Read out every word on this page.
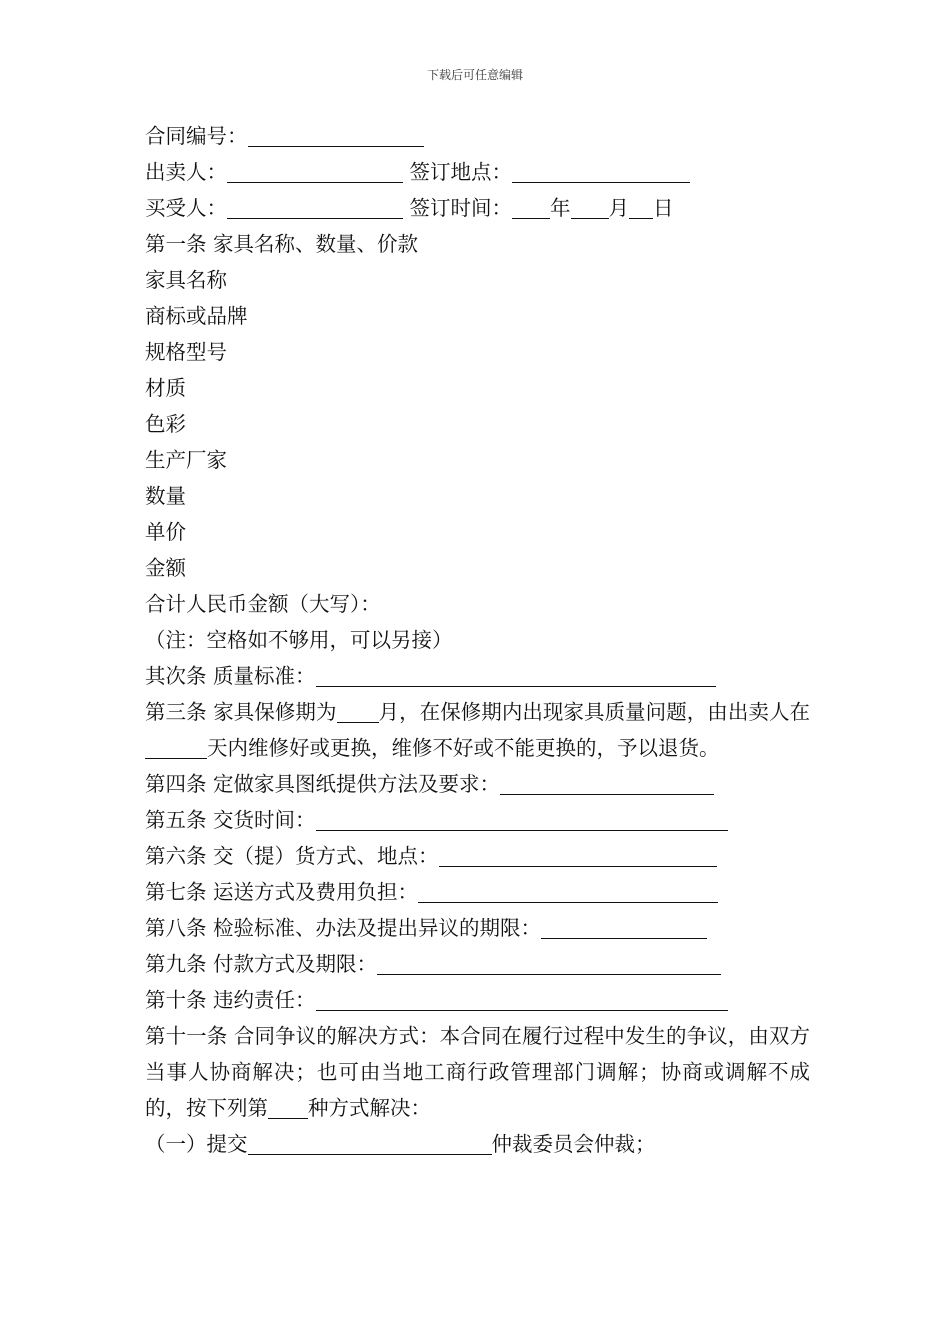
下载后可任意编辑
合同编号：
出卖人：	签订地点：
买受人：	签订时间： 年 月 日
第一条 家具名称、数量、价款
家具名称
商标或品牌
规格型号
材质
色彩
生产厂家
数量
单价
金额
合计人民币金额（大写）：
（注：空格如不够用，可以另接）
其次条 质量标准：
第三条 家具保修期为 月，在保修期内出现家具质量问题，由出卖人在天内维修好或更换，维修不好或不能更换的，予以退货。
第四条 定做家具图纸提供方法及要求：
第五条 交货时间：
第六条 交（提）货方式、地点：
第七条 运送方式及费用负担：
第八条 检验标准、办法及提出异议的期限：
第九条 付款方式及期限：
第十条 违约责任：
第十一条 合同争议的解决方式：本合同在履行过程中发生的争议，由双方当事人协商解决；也可由当地工商行政管理部门调解；协商或调解不成的，按下列第 种方式解决：
（一）提交	仲裁委员会仲裁；
